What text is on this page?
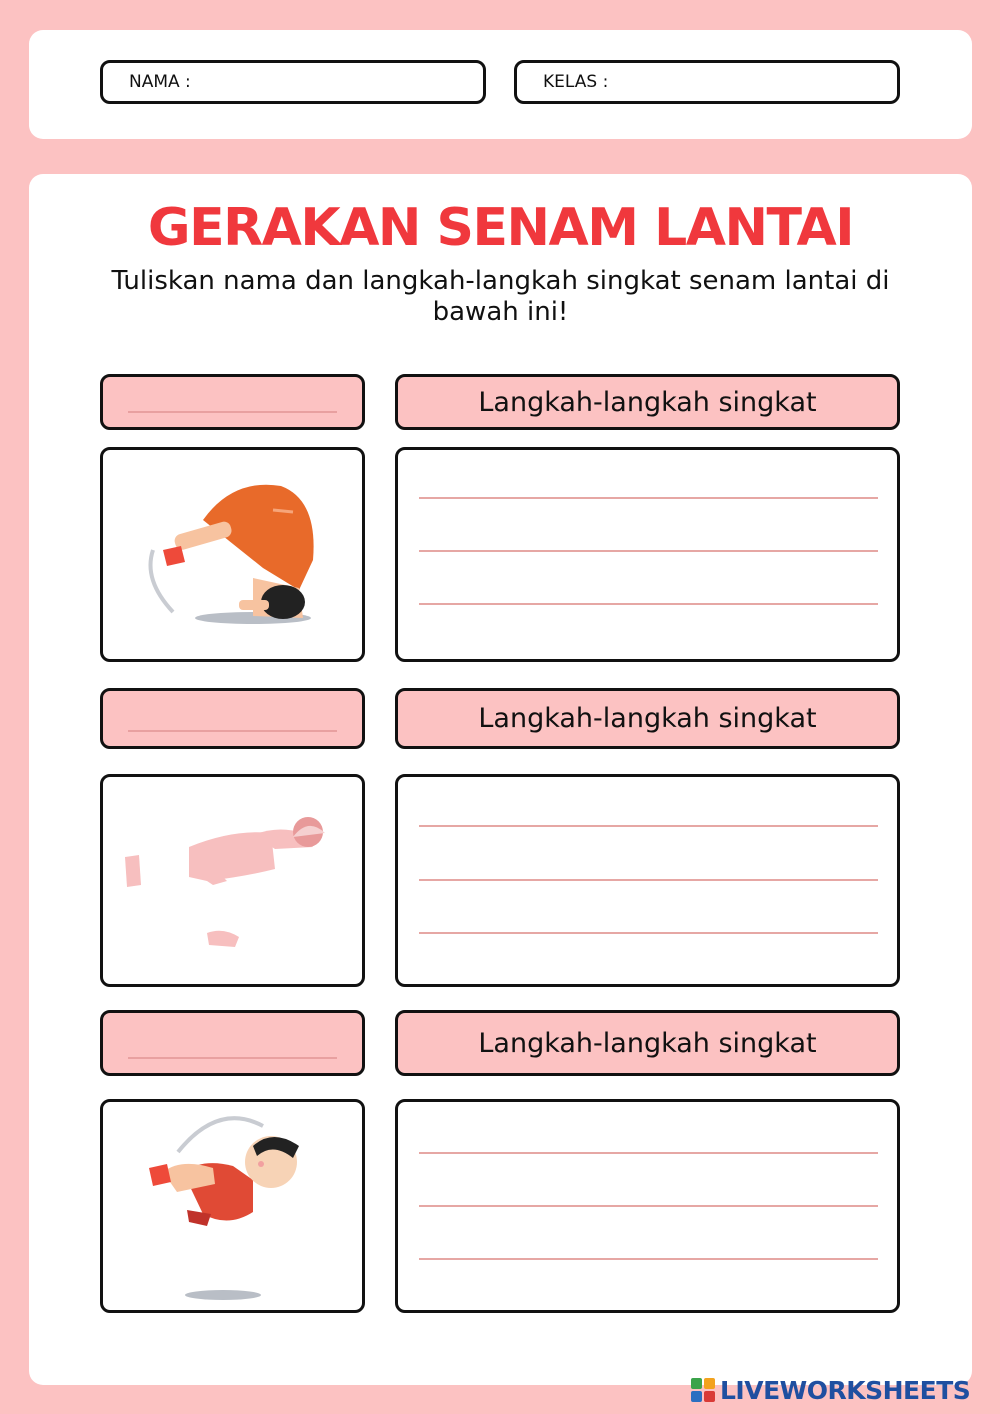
NAMA :	KELAS :
GERAKAN SENAM LANTAI
Tuliskan nama dan langkah-langkah singkat senam lantai di bawah ini!
Langkah-langkah singkat
Langkah-langkah singkat
Langkah-langkah singkat
LIVEWORKSHEETS
